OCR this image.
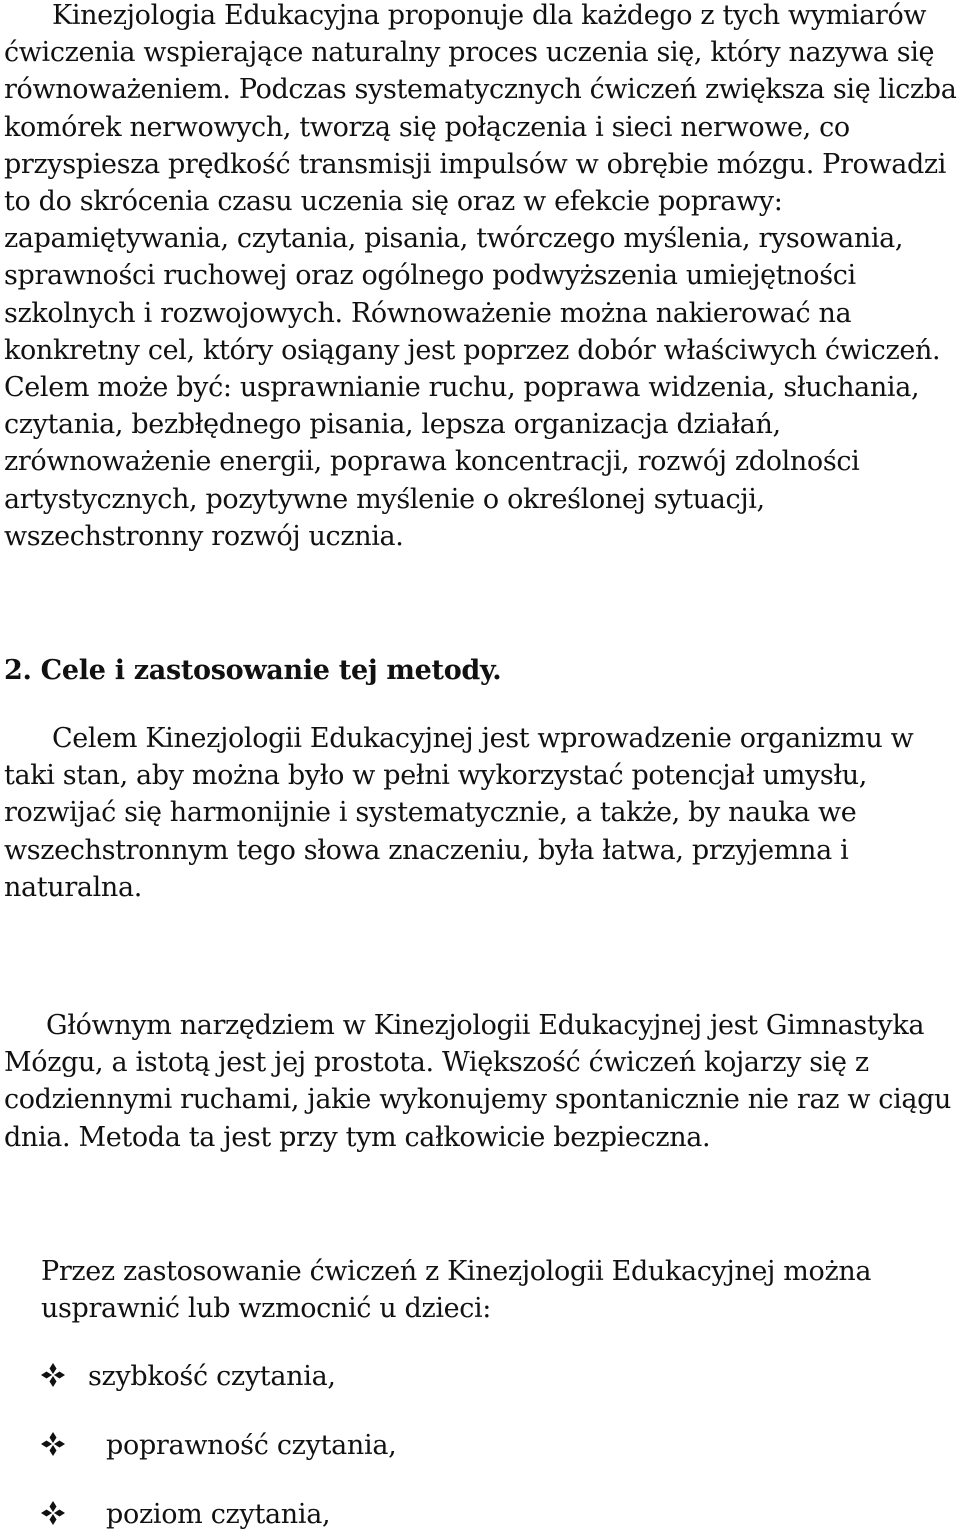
Kinezjologia Edukacyjna proponuje dla każdego z tych wymiarów
ćwiczenia wspierające naturalny proces uczenia się, który nazywa się
równoważeniem. Podczas systematycznych ćwiczeń zwiększa się liczba
komórek nerwowych, tworzą się połączenia i sieci nerwowe, co
przyspiesza prędkość transmisji impulsów w obrębie mózgu. Prowadzi
to do skrócenia czasu uczenia się oraz w efekcie poprawy:
zapamiętywania, czytania, pisania, twórczego myślenia, rysowania,
sprawności ruchowej oraz ogólnego podwyższenia umiejętności
szkolnych i rozwojowych. Równoważenie można nakierować na
konkretny cel, który osiągany jest poprzez dobór właściwych ćwiczeń.
Celem może być: usprawnianie ruchu, poprawa widzenia, słuchania,
czytania, bezbłędnego pisania, lepsza organizacja działań,
zrównoważenie energii, poprawa koncentracji, rozwój zdolności
artystycznych, pozytywne myślenie o określonej sytuacji,
wszechstronny rozwój ucznia.

2. Cele i zastosowanie tej metody.

Celem Kinezjologii Edukacyjnej jest wprowadzenie organizmu w
taki stan, aby można było w pełni wykorzystać potencjał umysłu,
rozwijać się harmonijnie i systematycznie, a także, by nauka we
wszechstronnym tego słowa znaczeniu, była łatwa, przyjemna i
naturalna.

Głównym narzędziem w Kinezjologii Edukacyjnej jest Gimnastyka
Mózgu, a istotą jest jej prostota. Większość ćwiczeń kojarzy się z
codziennymi ruchami, jakie wykonujemy spontanicznie nie raz w ciągu
dnia. Metoda ta jest przy tym całkowicie bezpieczna.

Przez zastosowanie ćwiczeń z Kinezjologii Edukacyjnej można
usprawnić lub wzmocnić u dzieci:

szybkość czytania,
poprawność czytania,
poziom czytania,
